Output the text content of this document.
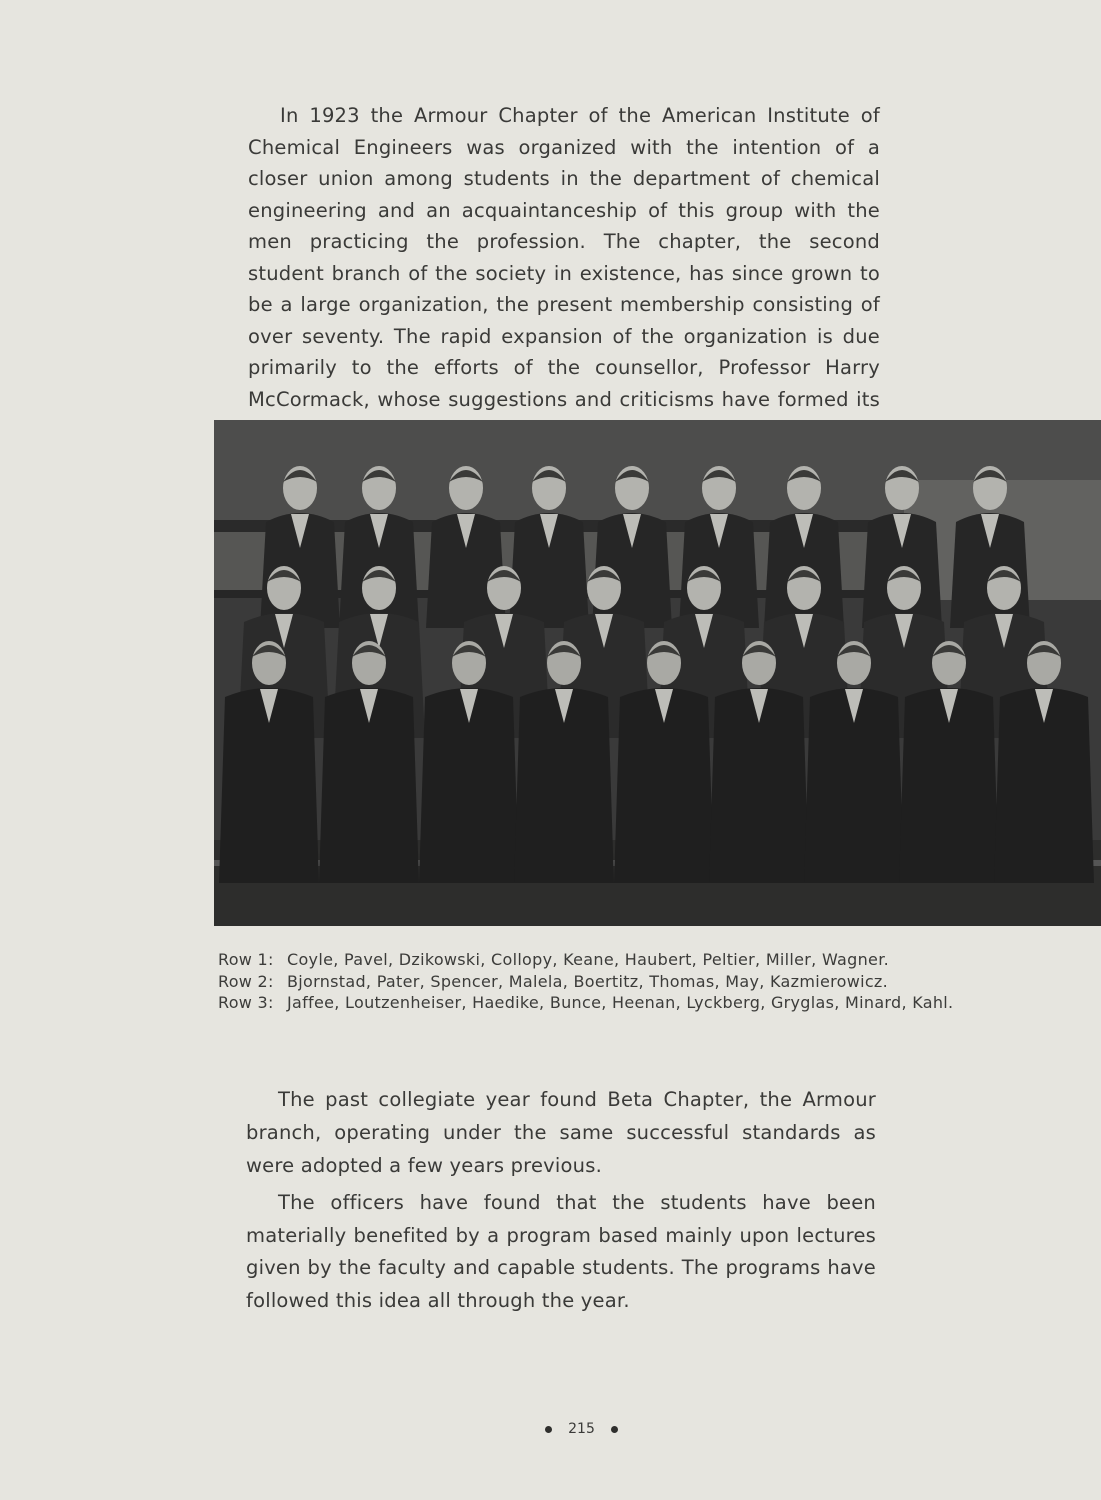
In 1923 the Armour Chapter of the American Institute of Chemical Engineers was organized with the intention of a closer union among students in the department of chemical engineering and an acquaintanceship of this group with the men practicing the profession. The chapter, the second student branch of the society in existence, has since grown to be a large organization, the present membership consisting of over seventy. The rapid expansion of the organization is due primarily to the efforts of the counsellor, Professor Harry McCormack, whose suggestions and criticisms have formed its

Row 1: Coyle, Pavel, Dzikowski, Collopy, Keane, Haubert, Peltier, Miller, Wagner.
Row 2: Bjornstad, Pater, Spencer, Malela, Boertitz, Thomas, May, Kazmierowicz.
Row 3: Jaffee, Loutzenheiser, Haedike, Bunce, Heenan, Lyckberg, Gryglas, Minard, Kahl.

The past collegiate year found Beta Chapter, the Armour branch, operating under the same successful standards as were adopted a few years previous.

The officers have found that the students have been materially benefited by a program based mainly upon lectures given by the faculty and capable students. The programs have followed this idea all through the year.

215
